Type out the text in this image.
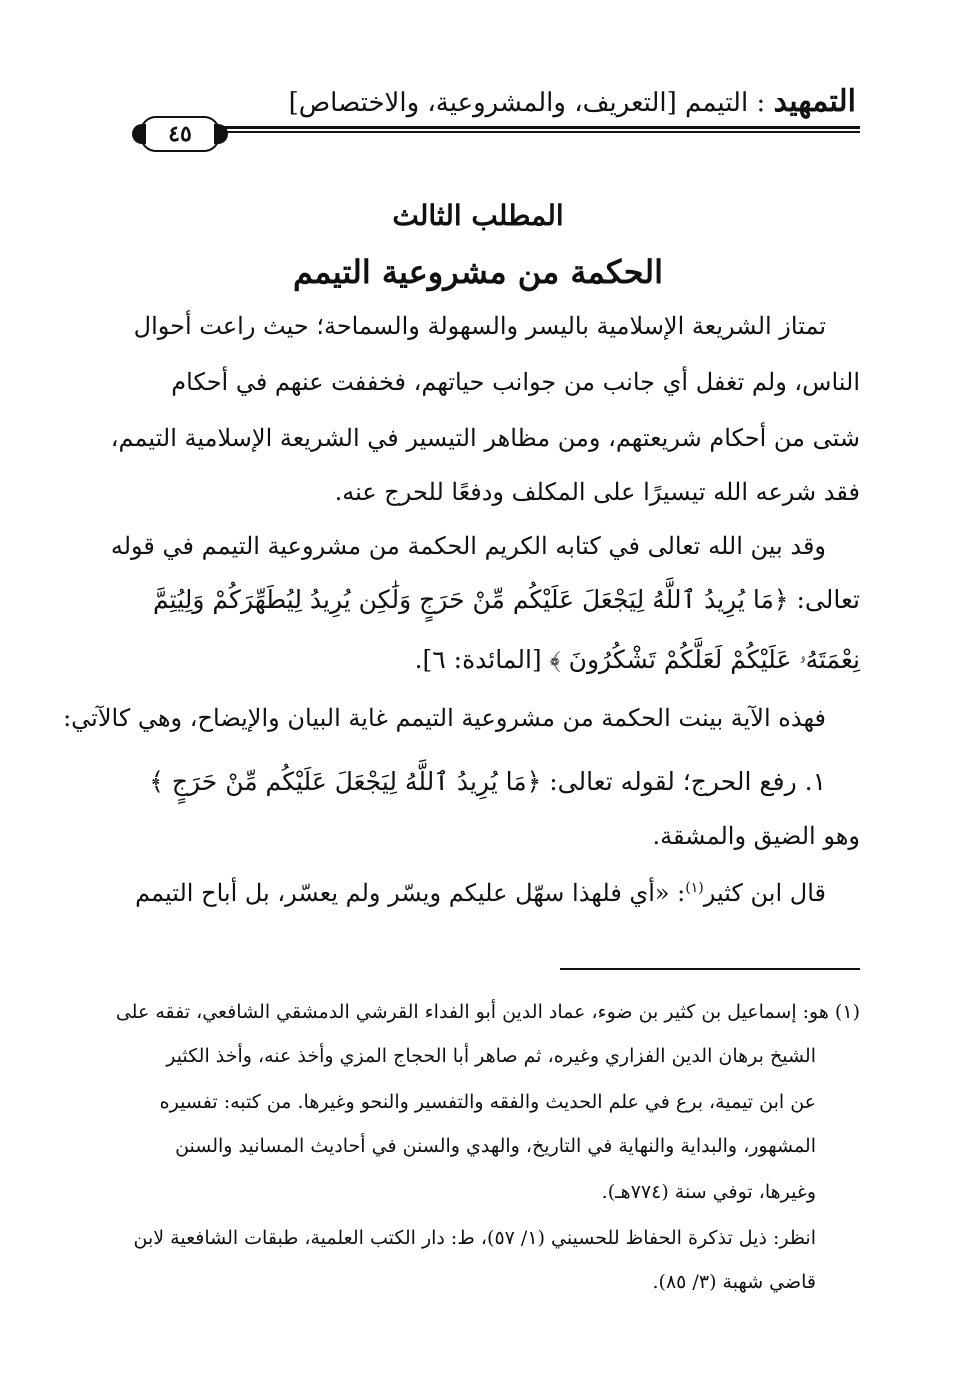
التمهيد : التيمم [التعريف، والمشروعية، والاختصاص]
٤٥
المطلب الثالث
الحكمة من مشروعية التيمم
تمتاز الشريعة الإسلامية باليسر والسهولة والسماحة؛ حيث راعت أحوال
الناس، ولم تغفل أي جانب من جوانب حياتهم، فخففت عنهم في أحكام
شتى من أحكام شريعتهم، ومن مظاهر التيسير في الشريعة الإسلامية التيمم،
فقد شرعه الله تيسيرًا على المكلف ودفعًا للحرج عنه.
وقد بين الله تعالى في كتابه الكريم الحكمة من مشروعية التيمم في قوله
تعالى: ﴿مَا يُرِيدُ ٱللَّهُ لِيَجْعَلَ عَلَيْكُم مِّنْ حَرَجٍ وَلَٰكِن يُرِيدُ لِيُطَهِّرَكُمْ وَلِيُتِمَّ
نِعْمَتَهُۥ عَلَيْكُمْ لَعَلَّكُمْ تَشْكُرُونَ ﴾ [المائدة: ٦].
فهذه الآية بينت الحكمة من مشروعية التيمم غاية البيان والإيضاح، وهي كالآتي:
١. رفع الحرج؛ لقوله تعالى: ﴿مَا يُرِيدُ ٱللَّهُ لِيَجْعَلَ عَلَيْكُم مِّنْ حَرَجٍ ﴾
وهو الضيق والمشقة.
قال ابن كثير$^{(١)}$: «أي فلهذا سهّل عليكم ويسّر ولم يعسّر، بل أباح التيمم
(١) هو: إسماعيل بن كثير بن ضوء، عماد الدين أبو الفداء القرشي الدمشقي الشافعي، تفقه على
الشيخ برهان الدين الفزاري وغيره، ثم صاهر أبا الحجاج المزي وأخذ عنه، وأخذ الكثير
عن ابن تيمية، برع في علم الحديث والفقه والتفسير والنحو وغيرها. من كتبه: تفسيره
المشهور، والبداية والنهاية في التاريخ، والهدي والسنن في أحاديث المسانيد والسنن
وغيرها، توفي سنة (٧٧٤هـ).
انظر: ذيل تذكرة الحفاظ للحسيني (١/ ٥٧)، ط: دار الكتب العلمية، طبقات الشافعية لابن
قاضي شهبة (٣/ ٨٥).
